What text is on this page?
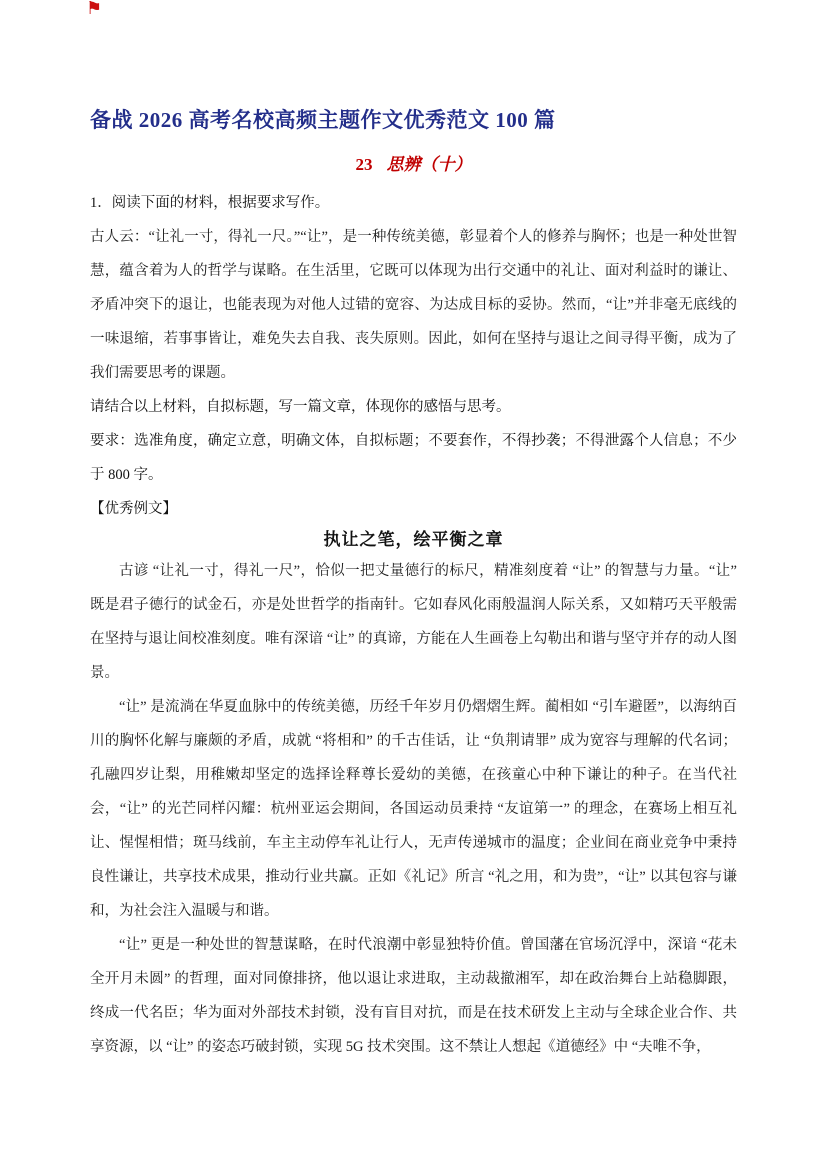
⚑
备战 2026 高考名校高频主题作文优秀范文 100 篇
23 思辨（十）

1．阅读下面的材料，根据要求写作。

古人云：“让礼一寸，得礼一尺。”“让”，是一种传统美德，彰显着个人的修养与胸怀；也是一种处世智慧，蕴含着为人的哲学与谋略。在生活里，它既可以体现为出行交通中的礼让、面对利益时的谦让、矛盾冲突下的退让，也能表现为对他人过错的宽容、为达成目标的妥协。然而，“让”并非毫无底线的一味退缩，若事事皆让，难免失去自我、丧失原则。因此，如何在坚持与退让之间寻得平衡，成为了我们需要思考的课题。

请结合以上材料，自拟标题，写一篇文章，体现你的感悟与思考。

要求：选准角度，确定立意，明确文体，自拟标题；不要套作，不得抄袭；不得泄露个人信息；不少于 800 字。

【优秀例文】

执让之笔，绘平衡之章

古谚 “让礼一寸，得礼一尺”，恰似一把丈量德行的标尺，精准刻度着 “让” 的智慧与力量。“让” 既是君子德行的试金石，亦是处世哲学的指南针。它如春风化雨般温润人际关系，又如精巧天平般需在坚持与退让间校准刻度。唯有深谙 “让” 的真谛，方能在人生画卷上勾勒出和谐与坚守并存的动人图景。

“让” 是流淌在华夏血脉中的传统美德，历经千年岁月仍熠熠生辉。蔺相如 “引车避匿”，以海纳百川的胸怀化解与廉颇的矛盾，成就 “将相和” 的千古佳话，让 “负荆请罪” 成为宽容与理解的代名词；孔融四岁让梨，用稚嫩却坚定的选择诠释尊长爱幼的美德，在孩童心中种下谦让的种子。在当代社会，“让” 的光芒同样闪耀：杭州亚运会期间，各国运动员秉持 “友谊第一” 的理念，在赛场上相互礼让、惺惺相惜；斑马线前，车主主动停车礼让行人，无声传递城市的温度；企业间在商业竞争中秉持良性谦让，共享技术成果，推动行业共赢。正如《礼记》所言 “礼之用，和为贵”，“让” 以其包容与谦和，为社会注入温暖与和谐。

“让” 更是一种处世的智慧谋略，在时代浪潮中彰显独特价值。曾国藩在官场沉浮中，深谙 “花未全开月未圆” 的哲理，面对同僚排挤，他以退让求进取，主动裁撤湘军，却在政治舞台上站稳脚跟，终成一代名臣；华为面对外部技术封锁，没有盲目对抗，而是在技术研发上主动与全球企业合作、共享资源，以 “让” 的姿态巧破封锁，实现 5G 技术突围。这不禁让人想起《道德经》中 “夫唯不争，
